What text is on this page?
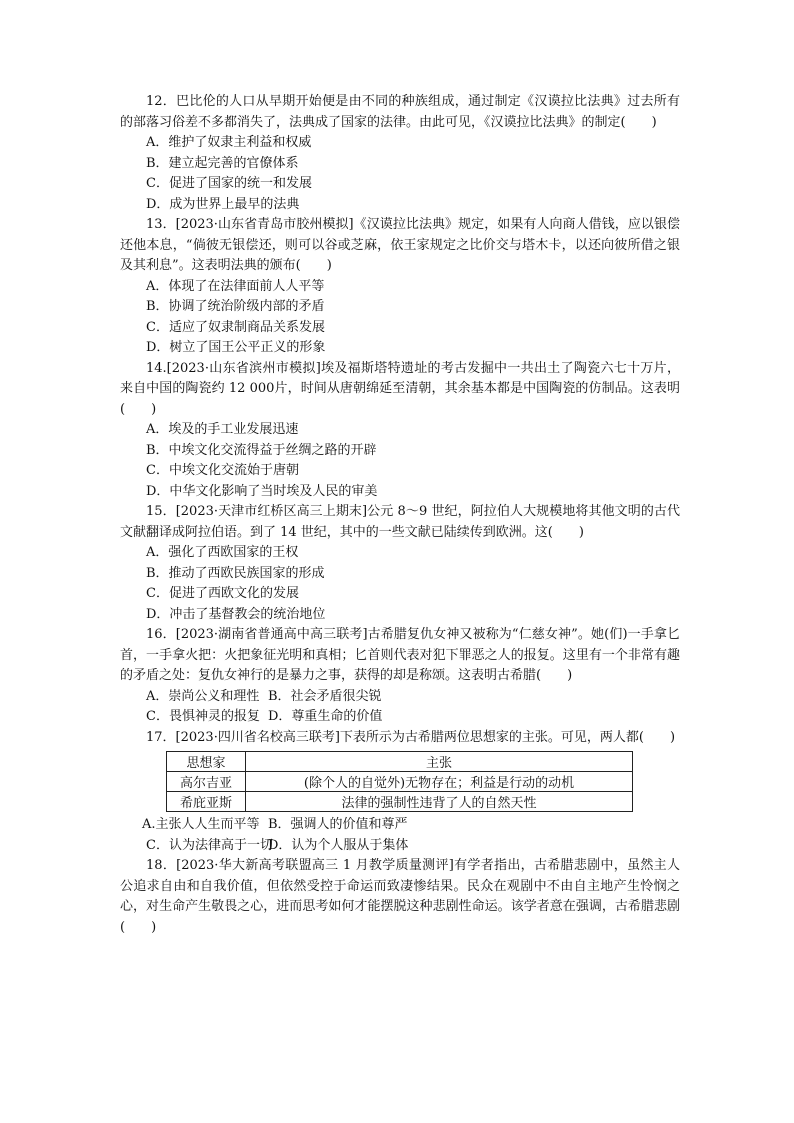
12．巴比伦的人口从早期开始便是由不同的种族组成，通过制定《汉谟拉比法典》过去所有的部落习俗差不多都消失了，法典成了国家的法律。由此可见，《汉谟拉比法典》的制定(　　)

A．维护了奴隶主利益和权威

B．建立起完善的官僚体系

C．促进了国家的统一和发展

D．成为世界上最早的法典

13．[2023·山东省青岛市胶州模拟]《汉谟拉比法典》规定，如果有人向商人借钱，应以银偿还他本息，“倘彼无银偿还，则可以谷或芝麻，依王家规定之比价交与塔木卡，以还向彼所借之银及其利息”。这表明法典的颁布(　　)

A．体现了在法律面前人人平等

B．协调了统治阶级内部的矛盾

C．适应了奴隶制商品关系发展

D．树立了国王公平正义的形象

14.[2023·山东省滨州市模拟]埃及福斯塔特遗址的考古发掘中一共出土了陶瓷六七十万片，来自中国的陶瓷约 12 000片，时间从唐朝绵延至清朝，其余基本都是中国陶瓷的仿制品。这表明(　　)

A．埃及的手工业发展迅速

B．中埃文化交流得益于丝绸之路的开辟

C．中埃文化交流始于唐朝

D．中华文化影响了当时埃及人民的审美

15．[2023·天津市红桥区高三上期末]公元 8～9 世纪，阿拉伯人大规模地将其他文明的古代文献翻译成阿拉伯语。到了 14 世纪，其中的一些文献已陆续传到欧洲。这(　　)

A．强化了西欧国家的王权

B．推动了西欧民族国家的形成

C．促进了西欧文化的发展

D．冲击了基督教会的统治地位

16．[2023·湖南省普通高中高三联考]古希腊复仇女神又被称为“仁慈女神”。她(们)一手拿匕首，一手拿火把：火把象征光明和真相；匕首则代表对犯下罪恶之人的报复。这里有一个非常有趣的矛盾之处：复仇女神行的是暴力之事，获得的却是称颂。这表明古希腊(　　)

A．崇尚公义和理性 B．社会矛盾很尖锐

C．畏惧神灵的报复 D．尊重生命的价值

17．[2023·四川省名校高三联考]下表所示为古希腊两位思想家的主张。可见，两人都(　　)

思想家	主张
高尔吉亚	(除个人的自觉外)无物存在；利益是行动的动机
希庇亚斯	法律的强制性违背了人的自然天性

A.主张人人生而平等 B．强调人的价值和尊严

C．认为法律高于一切D．认为个人服从于集体

18．[2023·华大新高考联盟高三 1 月教学质量测评]有学者指出，古希腊悲剧中，虽然主人公追求自由和自我价值，但依然受控于命运而致凄惨结果。民众在观剧中不由自主地产生怜悯之心，对生命产生敬畏之心，进而思考如何才能摆脱这种悲剧性命运。该学者意在强调，古希腊悲剧(　　)
